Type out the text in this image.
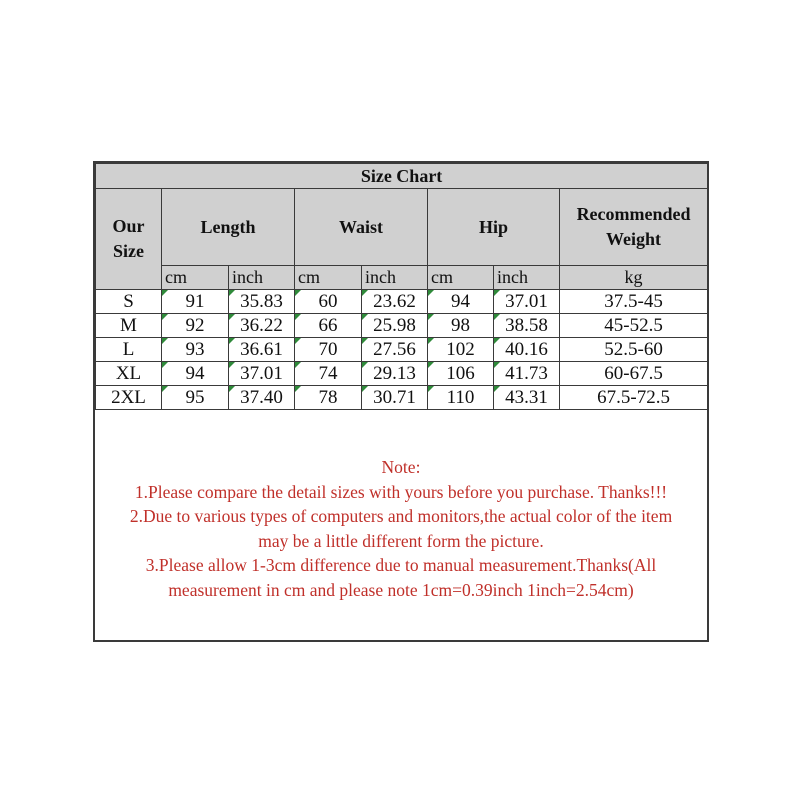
Size Chart							
Our
Size	Length		Waist		Hip		Recommended
Weight
	cm	inch	cm	inch	cm	inch	kg
S	91	35.83	60	23.62	94	37.01	37.5-45
M	92	36.22	66	25.98	98	38.58	45-52.5
L	93	36.61	70	27.56	102	40.16	52.5-60
XL	94	37.01	74	29.13	106	41.73	60-67.5
2XL	95	37.40	78	30.71	110	43.31	67.5-72.5
Note:
1.Please compare the detail sizes with yours before you purchase. Thanks!!!
2.Due to various types of computers and monitors,the actual color of the item
may be a little different form the picture.
3.Please allow 1-3cm difference due to manual measurement.Thanks(All
measurement in cm and please note 1cm=0.39inch 1inch=2.54cm)
